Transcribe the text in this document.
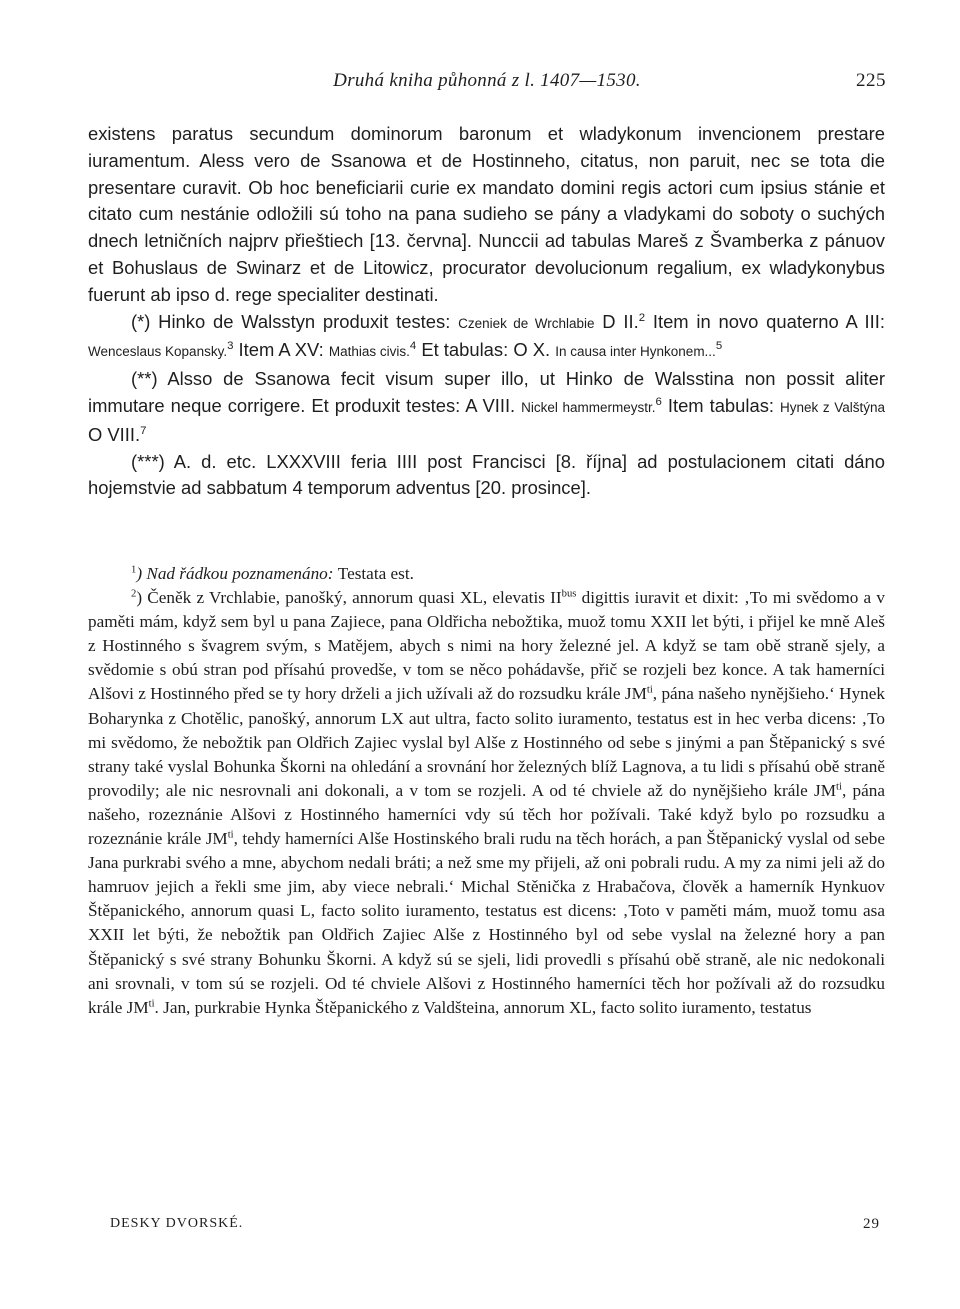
Druhá kniha půhonná z l. 1407—1530.	225

existens paratus secundum dominorum baronum et wladykonum invencionem prestare iuramentum. Aless vero de Ssanowa et de Hostinneho, citatus, non paruit, nec se tota die presentare curavit. Ob hoc beneficiarii curie ex mandato domini regis actori cum ipsius stánie et citato cum nestánie odložili sú toho na pana sudieho se pány a vladykami do soboty o suchých dnech letničních najprv přieštiech [13. června]. Nunccii ad tabulas Mareš z Švamberka z pánuov et Bohuslaus de Swinarz et de Litowicz, procurator devolucionum regalium, ex wladykonybus fuerunt ab ipso d. rege specialiter destinati.

(*) Hinko de Walsstyn produxit testes: Czeniek de Wrchlabie D II.$^2$ Item in novo quaterno A III: Wenceslaus Kopansky.$^3$ Item A XV: Mathias civis.$^4$ Et tabulas: O X. In causa inter Hynkonem...$^5$

(**) Alsso de Ssanowa fecit visum super illo, ut Hinko de Walsstina non possit aliter immutare neque corrigere. Et produxit testes: A VIII. Nickel hammermeystr.$^6$ Item tabulas: Hynek z Valštýna O VIII.$^7$

(***) A. d. etc. LXXXVIII feria IIII post Francisci [8. října] ad postulacionem citati dáno hojemstvie ad sabbatum 4 temporum adventus [20. prosince].

$^1$) Nad řádkou poznamenáno: Testata est.

$^2$) Čeněk z Vrchlabie, panošký, annorum quasi XL, elevatis $II^{bus}$ digittis iuravit et dixit: ‚To mi svědomo a v paměti mám, když sem byl u pana Zajiece, pana Oldřicha nebožtika, muož tomu XXII let býti, i přijel ke mně Aleš z Hostinného s švagrem svým, s Matějem, abych s nimi na hory železné jel. A když se tam obě straně sjely, a svědomie s obú stran pod přísahú provedše, v tom se něco pohádavše, přič se rozjeli bez konce. A tak hamerníci Alšovi z Hostinného před se ty hory drželi a jich užívali až do rozsudku krále $JM^{ti}$, pána našeho nynějšieho.‘ Hynek Boharynka z Chotělic, panošký, annorum LX aut ultra, facto solito iuramento, testatus est in hec verba dicens: ‚To mi svědomo, že nebožtik pan Oldřich Zajiec vyslal byl Alše z Hostinného od sebe s jinými a pan Štěpanický s své strany také vyslal Bohunka Škorni na ohledání a srovnání hor železných blíž Lagnova, a tu lidi s přísahú obě straně provodily; ale nic nesrovnali ani dokonali, a v tom se rozjeli. A od té chviele až do nynějšieho krále $JM^{ti}$, pána našeho, rozeznánie Alšovi z Hostinného hamerníci vdy sú těch hor požívali. Také když bylo po rozsudku a rozeznánie krále $JM^{ti}$, tehdy hamerníci Alše Hostinského brali rudu na těch horách, a pan Štěpanický vyslal od sebe Jana purkrabi svého a mne, abychom nedali bráti; a než sme my přijeli, až oni pobrali rudu. A my za nimi jeli až do hamruov jejich a řekli sme jim, aby viece nebrali.‘ Michal Stěnička z Hrabačova, člověk a hamerník Hynkuov Štěpanického, annorum quasi L, facto solito iuramento, testatus est dicens: ‚Toto v paměti mám, muož tomu asa XXII let býti, že nebožtik pan Oldřich Zajiec Alše z Hostinného byl od sebe vyslal na železné hory a pan Štěpanický s své strany Bohunku Škorni. A když sú se sjeli, lidi provedli s přísahú obě straně, ale nic nedokonali ani srovnali, v tom sú se rozjeli. Od té chviele Alšovi z Hostinného hamerníci těch hor požívali až do rozsudku krále $JM^{ti}$. Jan, purkrabie Hynka Štěpanického z Valdšteina, annorum XL, facto solito iuramento, testatus

DESKY DVORSKÉ.	29
